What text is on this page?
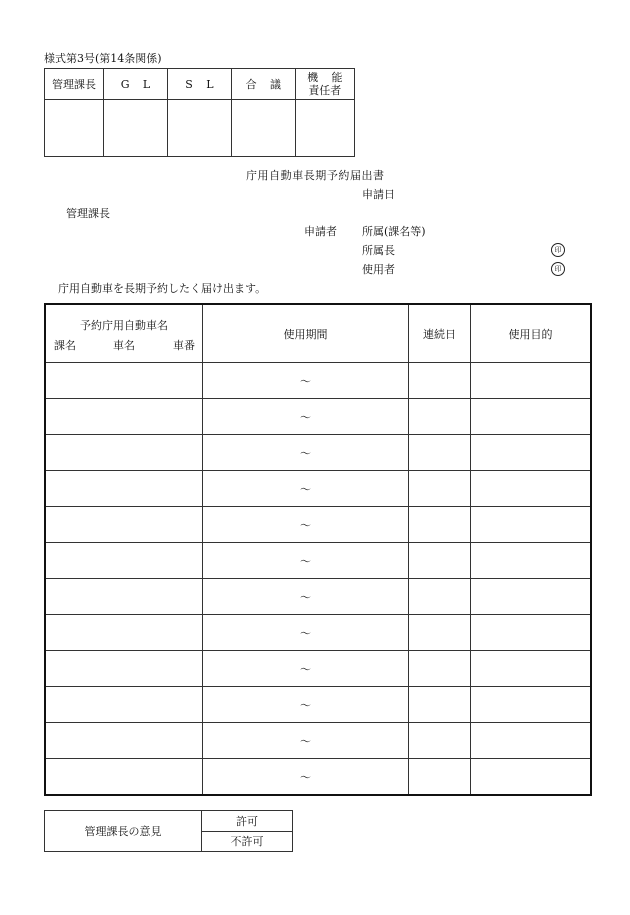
様式第3号(第14条関係)
管理課長	G L	S L	合 議	機 能
責任者

庁用自動車長期予約届出書
申請日
管理課長
申請者 所属(課名等)
所属長	印
使用者	印
庁用自動車を長期予約したく届け出ます。
予約庁用自動車名
課名 車名 車番	使用期間	連続日	使用目的
	～		
	～		
	～		
	～		
	～		
	～		
	～		
	～		
	～		
	～		
	～		
	～		
管理課長の意見	許可
不許可
